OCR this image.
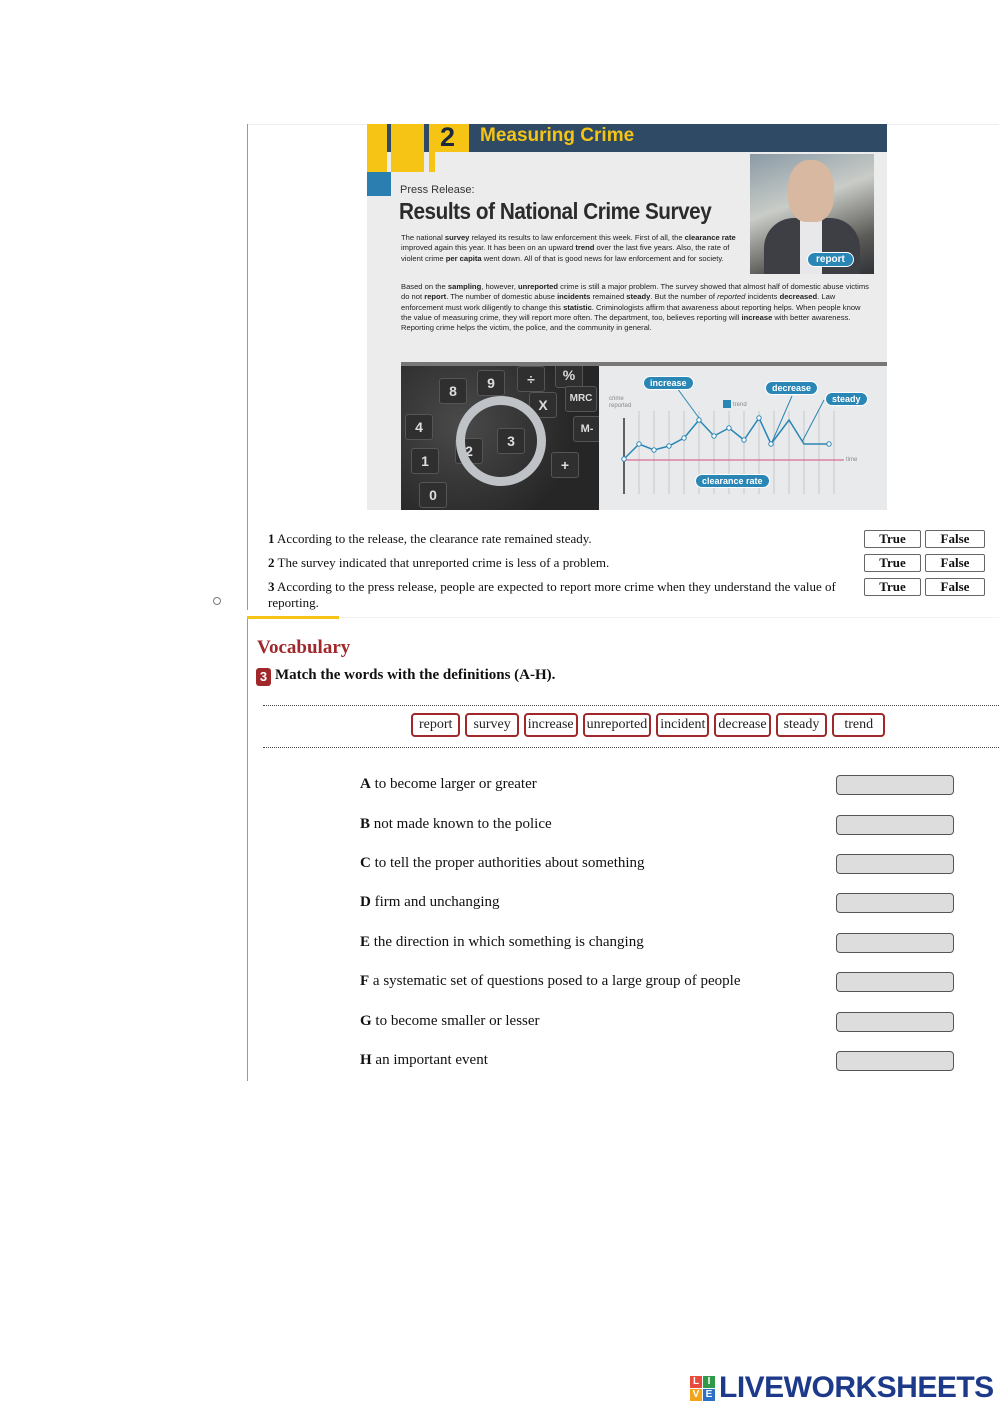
2 Measuring Crime
Press Release:
Results of National Crime Survey
The national survey relayed its results to law enforcement this week. First of all, the clearance rate improved again this year. It has been on an upward trend over the last five years. Also, the rate of violent crime per capita went down. All of that is good news for law enforcement and for society.
Based on the sampling, however, unreported crime is still a major problem. The survey showed that almost half of domestic abuse victims do not report. The number of domestic abuse incidents remained steady. But the number of reported incidents decreased. Law enforcement must work diligently to change this statistic. Criminologists affirm that awareness about reporting helps. When people know the value of measuring crime, they will report more often. The department, too, believes reporting will increase with better awareness. Reporting crime helps the victim, the police, and the community in general.
report
8	9	÷	%
X	MRC
4
3
M-
1
2
+
0
trend
crime reported
time
increase	decrease
steady
clearance rate
1 According to the release, the clearance rate remained steady.	True	False
2 The survey indicated that unreported crime is less of a problem.	True	False
3 According to the press release, people are expected to report more crime when they understand the value of reporting.
True	False
Vocabulary
3 Match the words with the definitions (A-H).
report	survey	increase unreported incident decrease	steady	trend
A to become larger or greater
B not made known to the police
C to tell the proper authorities about something
D firm and unchanging
E the direction in which something is changing
F a systematic set of questions posed to a large group of people
G to become smaller or lesser
H an important event
L I
V E LIVEWORKSHEETS
